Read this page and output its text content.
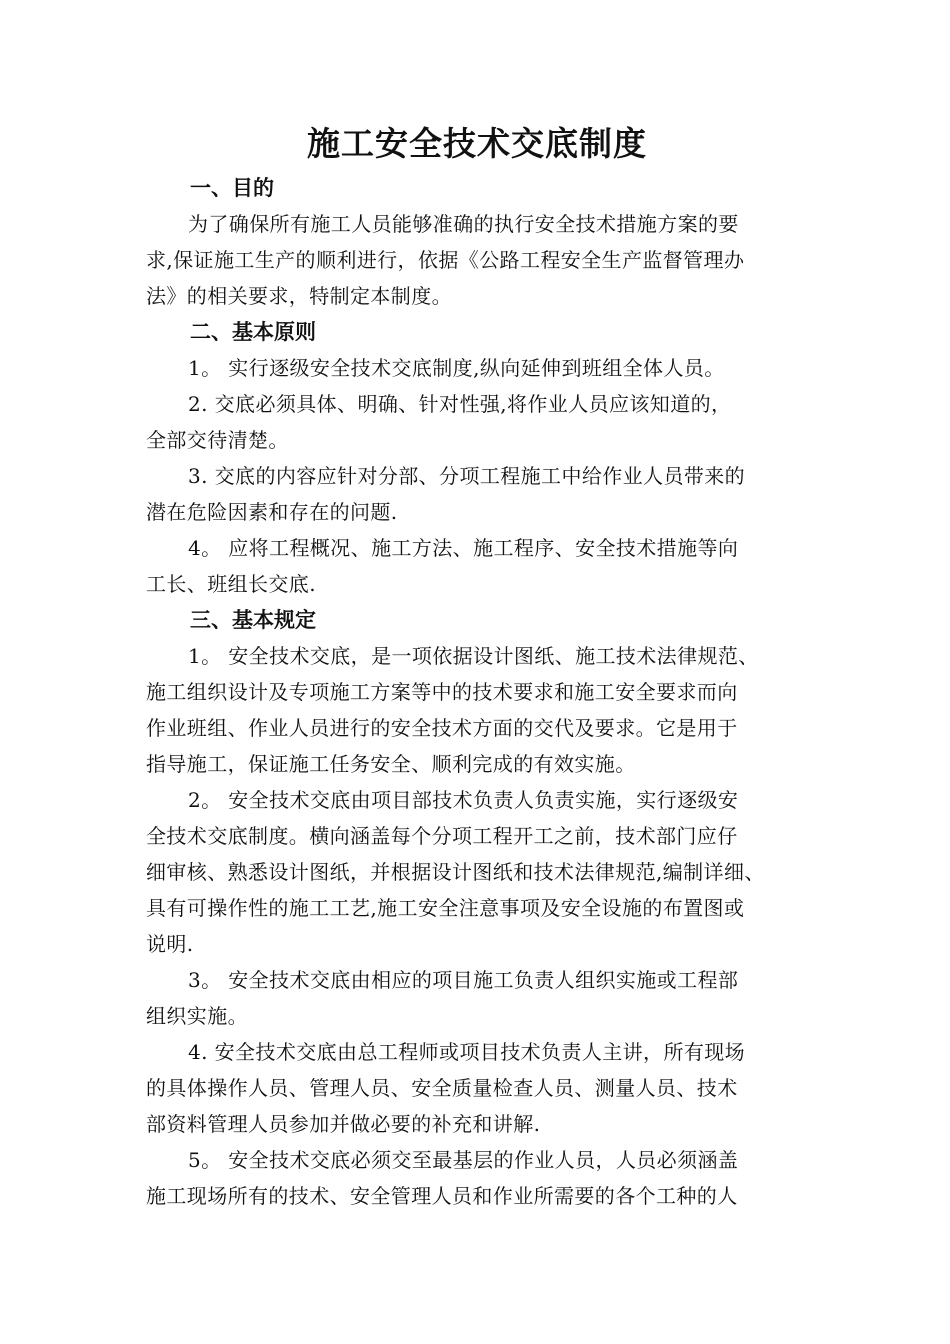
施工安全技术交底制度
一、目的
为了确保所有施工人员能够准确的执行安全技术措施方案的要
求,保证施工生产的顺利进行，依据《公路工程安全生产监督管理办
法》的相关要求，特制定本制度。
二、基本原则
1。 实行逐级安全技术交底制度,纵向延伸到班组全体人员。
2. 交底必须具体、明确、针对性强,将作业人员应该知道的，
全部交待清楚。
3. 交底的内容应针对分部、分项工程施工中给作业人员带来的
潜在危险因素和存在的问题.
4。 应将工程概况、施工方法、施工程序、安全技术措施等向
工长、班组长交底.
三、基本规定
1。 安全技术交底，是一项依据设计图纸、施工技术法律规范、
施工组织设计及专项施工方案等中的技术要求和施工安全要求而向
作业班组、作业人员进行的安全技术方面的交代及要求。它是用于
指导施工，保证施工任务安全、顺利完成的有效实施。
2。 安全技术交底由项目部技术负责人负责实施，实行逐级安
全技术交底制度。横向涵盖每个分项工程开工之前，技术部门应仔
细审核、熟悉设计图纸，并根据设计图纸和技术法律规范,编制详细、
具有可操作性的施工工艺,施工安全注意事项及安全设施的布置图或
说明.
3。 安全技术交底由相应的项目施工负责人组织实施或工程部
组织实施。
4. 安全技术交底由总工程师或项目技术负责人主讲，所有现场
的具体操作人员、管理人员、安全质量检查人员、测量人员、技术
部资料管理人员参加并做必要的补充和讲解.
5。 安全技术交底必须交至最基层的作业人员，人员必须涵盖
施工现场所有的技术、安全管理人员和作业所需要的各个工种的人
